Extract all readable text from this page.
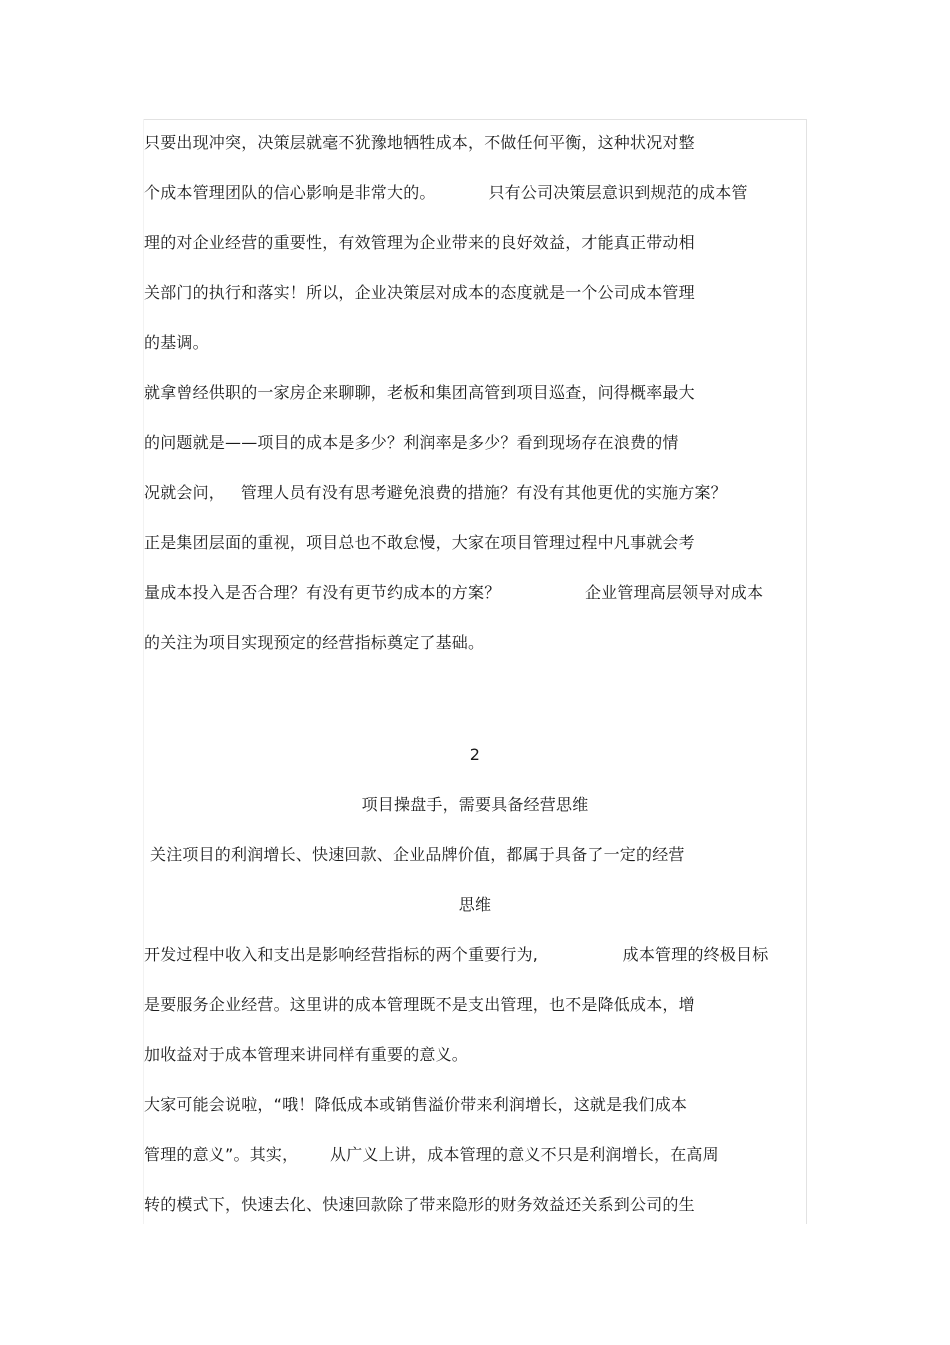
只要出现冲突，决策层就毫不犹豫地牺牲成本，不做任何平衡，这种状况对整
个成本管理团队的信心影响是非常大的。          只有公司决策层意识到规范的成本管
理的对企业经营的重要性，有效管理为企业带来的良好效益，才能真正带动相
关部门的执行和落实！所以，企业决策层对成本的态度就是一个公司成本管理
的基调。
就拿曾经供职的一家房企来聊聊，老板和集团高管到项目巡查，问得概率最大
的问题就是——项目的成本是多少？利润率是多少？看到现场存在浪费的情
况就会问，   管理人员有没有思考避免浪费的措施？有没有其他更优的实施方案？
正是集团层面的重视，项目总也不敢怠慢，大家在项目管理过程中凡事就会考
量成本投入是否合理？有没有更节约成本的方案？                企业管理高层领导对成本
的关注为项目实现预定的经营指标奠定了基础。
2
项目操盘手，需要具备经营思维
关注项目的利润增长、快速回款、企业品牌价值，都属于具备了一定的经营
思维
开发过程中收入和支出是影响经营指标的两个重要行为,                成本管理的终极目标
是要服务企业经营。这里讲的成本管理既不是支出管理，也不是降低成本，增
加收益对于成本管理来讲同样有重要的意义。
大家可能会说啦，“哦！降低成本或销售溢价带来利润增长，这就是我们成本
管理的意义”。其实，      从广义上讲，成本管理的意义不只是利润增长，在高周
转的模式下，快速去化、快速回款除了带来隐形的财务效益还关系到公司的生
